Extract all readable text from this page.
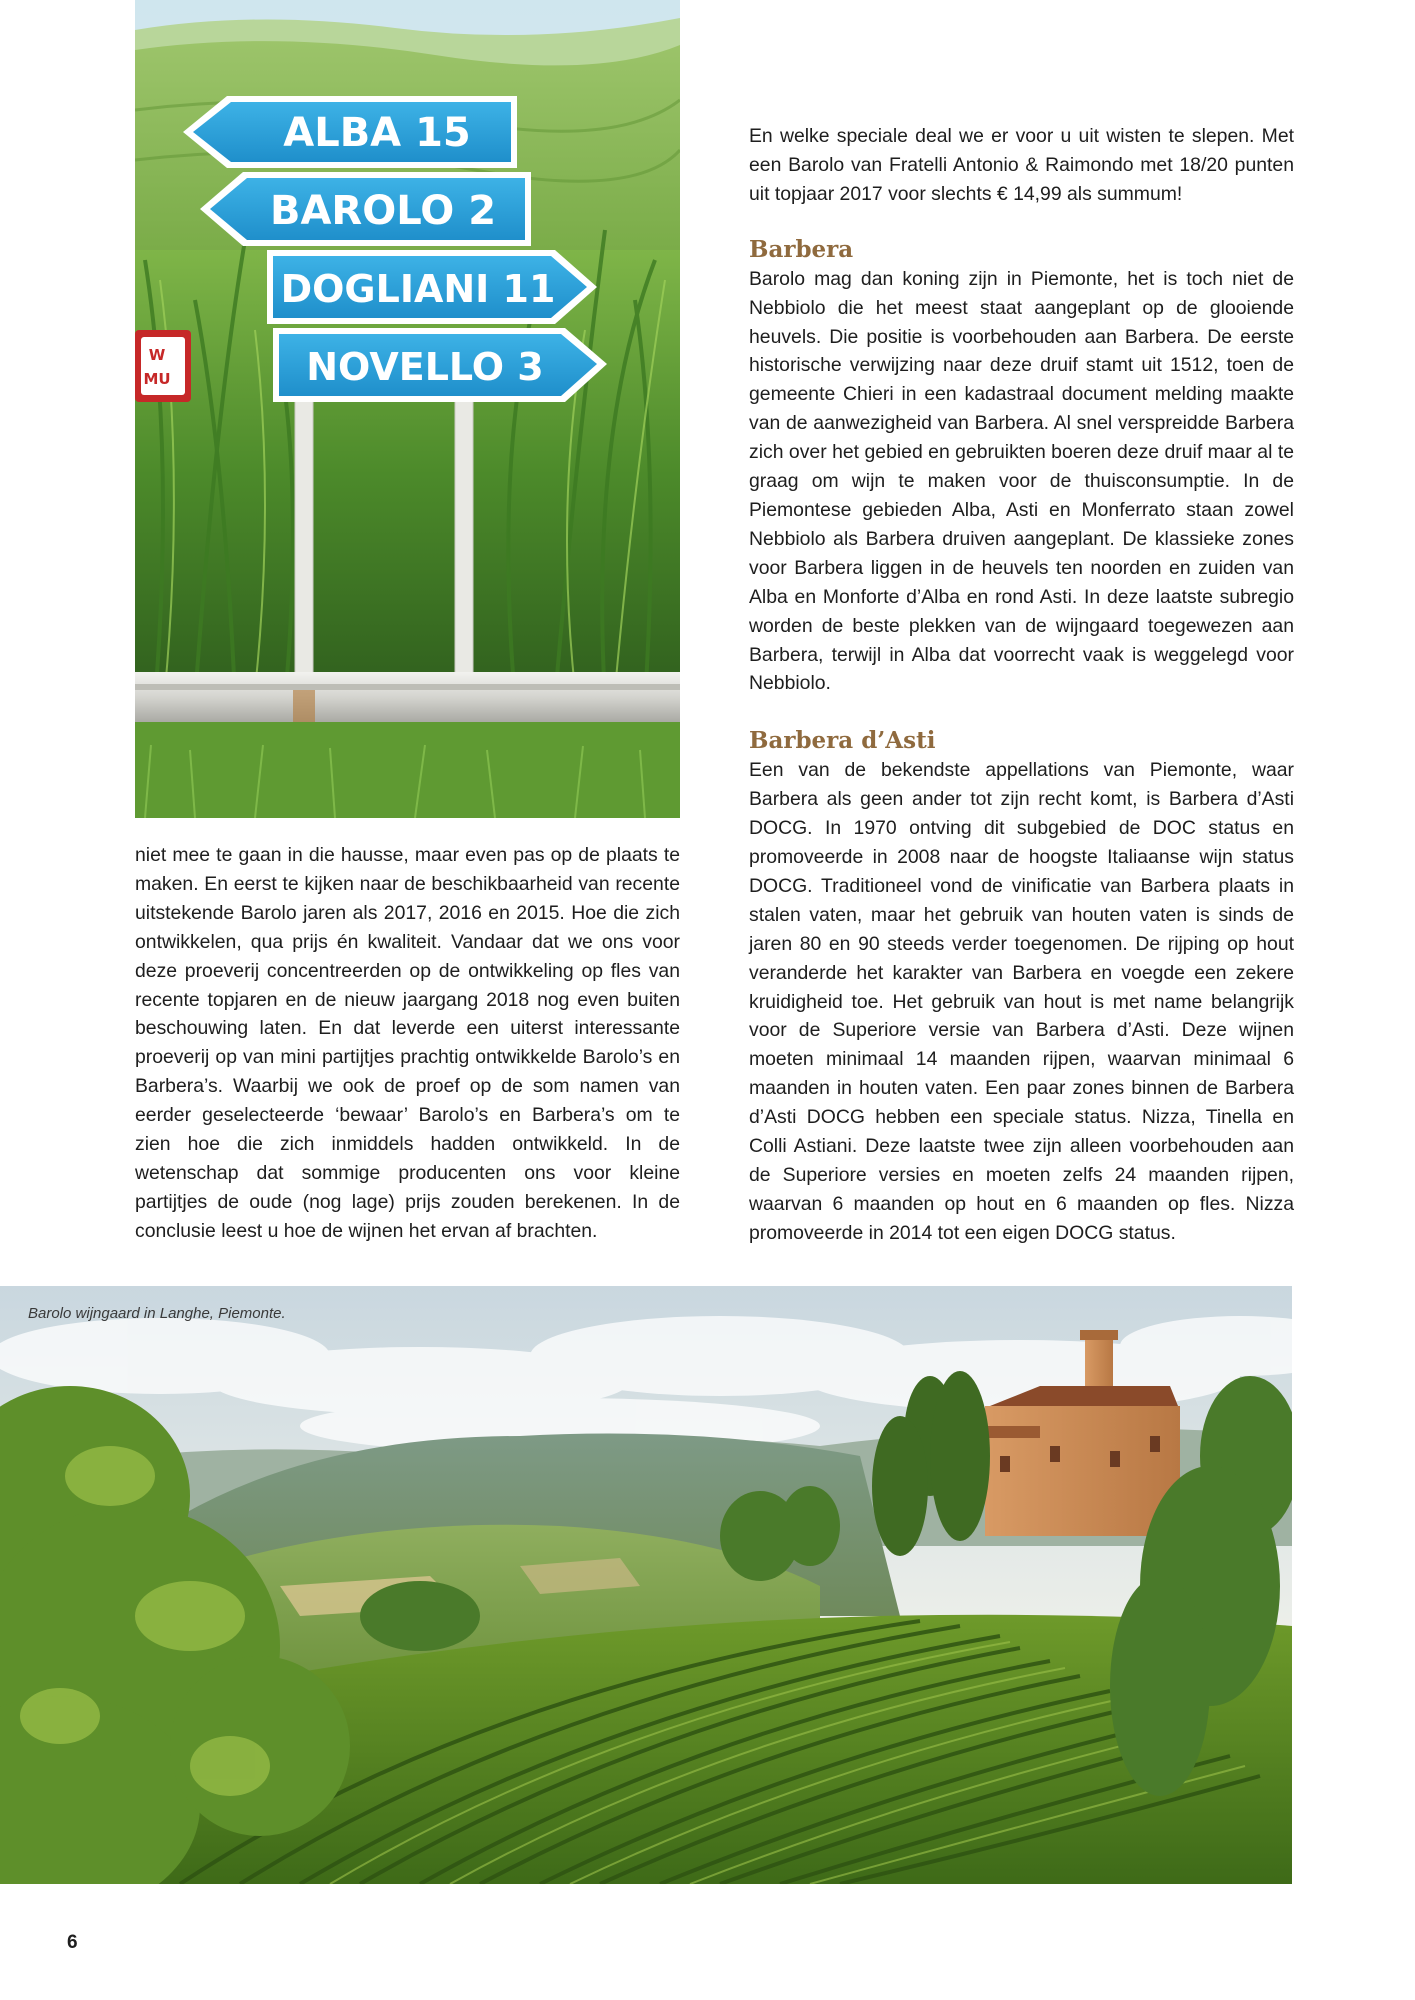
W
MU
ALBA 15
BAROLO 2
DOGLIANI 11
NOVELLO 3

niet mee te gaan in die hausse, maar even pas op de plaats te maken. En eerst te kijken naar de beschikbaarheid van recente uitstekende Barolo jaren als 2017, 2016 en 2015. Hoe die zich ontwikkelen, qua prijs én kwaliteit. Vandaar dat we ons voor deze proeverij concentreerden op de ontwikkeling op fles van recente topjaren en de nieuw jaargang 2018 nog even buiten beschouwing laten. En dat leverde een uiterst interessante proeverij op van mini partijtjes prachtig ontwikkelde Barolo’s en Barbera’s. Waarbij we ook de proef op de som namen van eerder geselecteerde ‘bewaar’ Barolo’s en Barbera’s om te zien hoe die zich inmiddels hadden ontwikkeld. In de wetenschap dat sommige producenten ons voor kleine partijtjes de oude (nog lage) prijs zouden berekenen. In de conclusie leest u hoe de wijnen het ervan af brachten.

En welke speciale deal we er voor u uit wisten te slepen. Met een Barolo van Fratelli Antonio & Raimondo met 18/20 punten uit topjaar 2017 voor slechts € 14,99 als summum!

Barbera

Barolo mag dan koning zijn in Piemonte, het is toch niet de Nebbiolo die het meest staat aangeplant op de glooiende heuvels. Die positie is voorbehouden aan Barbera. De eerste historische verwijzing naar deze druif stamt uit 1512, toen de gemeente Chieri in een kadastraal document melding maakte van de aanwezigheid van Barbera. Al snel verspreidde Barbera zich over het gebied en gebruikten boeren deze druif maar al te graag om wijn te maken voor de thuisconsumptie. In de Piemontese gebieden Alba, Asti en Monferrato staan zowel Nebbiolo als Barbera druiven aangeplant. De klassieke zones voor Barbera liggen in de heuvels ten noorden en zuiden van Alba en Monforte d’Alba en rond Asti. In deze laatste subregio worden de beste plekken van de wijngaard toegewezen aan Barbera, terwijl in Alba dat voorrecht vaak is weggelegd voor Nebbiolo.

Barbera d’Asti

Een van de bekendste appellations van Piemonte, waar Barbera als geen ander tot zijn recht komt, is Barbera d’Asti DOCG. In 1970 ontving dit subgebied de DOC status en promoveerde in 2008 naar de hoogste Italiaanse wijn status DOCG. Traditioneel vond de vinificatie van Barbera plaats in stalen vaten, maar het gebruik van houten vaten is sinds de jaren 80 en 90 steeds verder toegenomen. De rijping op hout veranderde het karakter van Barbera en voegde een zekere kruidigheid toe. Het gebruik van hout is met name belangrijk voor de Superiore versie van Barbera d’Asti. Deze wijnen moeten minimaal 14 maanden rijpen, waarvan minimaal 6 maanden in houten vaten. Een paar zones binnen de Barbera d’Asti DOCG hebben een speciale status. Nizza, Tinella en Colli Astiani. Deze laatste twee zijn alleen voorbehouden aan de Superiore versies en moeten zelfs 24 maanden rijpen, waarvan 6 maanden op hout en 6 maanden op fles. Nizza promoveerde in 2014 tot een eigen DOCG status.

Barolo wijngaard in Langhe, Piemonte.
6
